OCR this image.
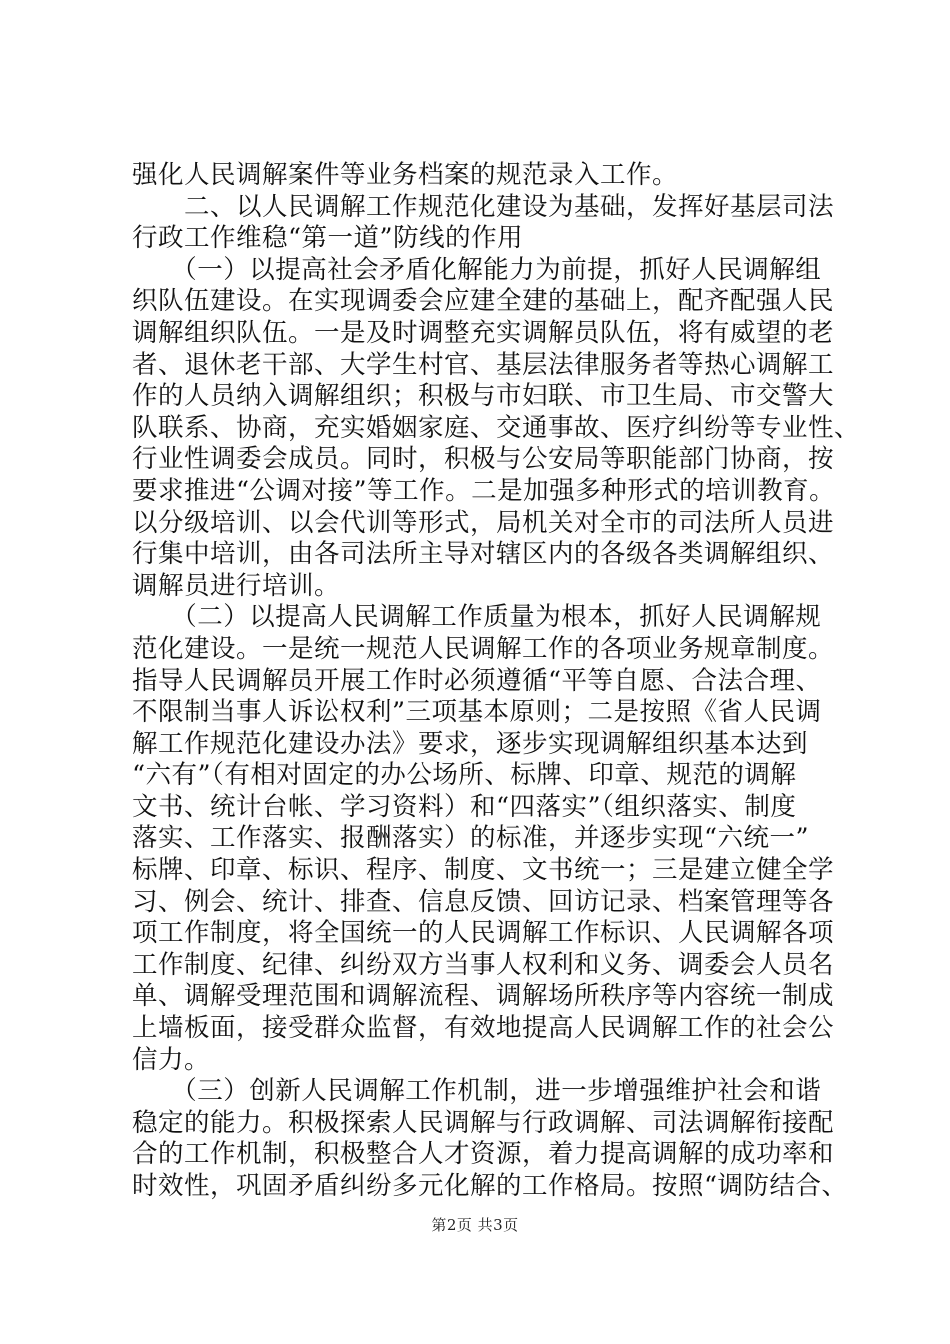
强化人民调解案件等业务档案的规范录入工作。
　　二、以人民调解工作规范化建设为基础，发挥好基层司法
行政工作维稳“第一道”防线的作用
　　（一）以提高社会矛盾化解能力为前提，抓好人民调解组
织队伍建设。在实现调委会应建全建的基础上，配齐配强人民
调解组织队伍。一是及时调整充实调解员队伍，将有威望的老
者、退休老干部、大学生村官、基层法律服务者等热心调解工
作的人员纳入调解组织；积极与市妇联、市卫生局、市交警大
队联系、协商，充实婚姻家庭、交通事故、医疗纠纷等专业性、
行业性调委会成员。同时，积极与公安局等职能部门协商，按
要求推进“公调对接”等工作。二是加强多种形式的培训教育。
以分级培训、以会代训等形式，局机关对全市的司法所人员进
行集中培训，由各司法所主导对辖区内的各级各类调解组织、
调解员进行培训。
　　（二）以提高人民调解工作质量为根本，抓好人民调解规
范化建设。一是统一规范人民调解工作的各项业务规章制度。
指导人民调解员开展工作时必须遵循“平等自愿、合法合理、
不限制当事人诉讼权利”三项基本原则；二是按照《省人民调
解工作规范化建设办法》要求，逐步实现调解组织基本达到
“六有”（有相对固定的办公场所、标牌、印章、规范的调解
文书、统计台帐、学习资料）和“四落实”（组织落实、制度
落实、工作落实、报酬落实）的标准，并逐步实现“六统一”
标牌、印章、标识、程序、制度、文书统一；三是建立健全学
习、例会、统计、排查、信息反馈、回访记录、档案管理等各
项工作制度，将全国统一的人民调解工作标识、人民调解各项
工作制度、纪律、纠纷双方当事人权利和义务、调委会人员名
单、调解受理范围和调解流程、调解场所秩序等内容统一制成
上墙板面，接受群众监督，有效地提高人民调解工作的社会公
信力。
　　（三）创新人民调解工作机制，进一步增强维护社会和谐
稳定的能力。积极探索人民调解与行政调解、司法调解衔接配
合的工作机制，积极整合人才资源，着力提高调解的成功率和
时效性，巩固矛盾纠纷多元化解的工作格局。按照“调防结合、
第2页 共3页
